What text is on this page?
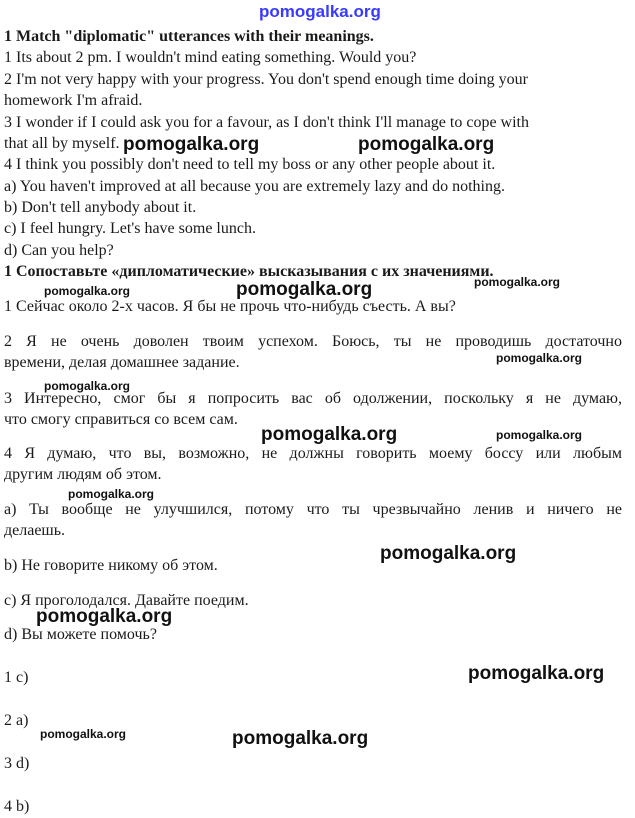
pomogalka.org
1 Match "diplomatic" utterances with their meanings.
1 Its about 2 pm. I wouldn't mind eating something. Would you?
2 I'm not very happy with your progress. You don't spend enough time doing your
homework I'm afraid.
3 I wonder if I could ask you for a favour, as I don't think I'll manage to cope with
that all by myself.
4 I think you possibly don't need to tell my boss or any other people about it.
a) You haven't improved at all because you are extremely lazy and do nothing.
b) Don't tell anybody about it.
c) I feel hungry. Let's have some lunch.
d) Can you help?
pomogalka.org	pomogalka.org
1 Сопоставьте «дипломатические» высказывания с их значениями.
pomogalka.org
pomogalka.org	pomogalka.org
1 Сейчас около 2-х часов. Я бы не прочь что-нибудь съесть. А вы?
2 Я не очень доволен твоим успехом. Боюсь, ты не проводишь достаточно
времени, делая домашнее задание.	pomogalka.org
pomogalka.org
3 Интересно, смог бы я попросить вас об одолжении, поскольку я не думаю,
что смогу справиться со всем сам.
pomogalka.org	pomogalka.org
4 Я думаю, что вы, возможно, не должны говорить моему боссу или любым
другим людям об этом.
pomogalka.org
a) Ты вообще не улучшился, потому что ты чрезвычайно ленив и ничего не
делаешь.
pomogalka.org
b) Не говорите никому об этом.
c) Я проголодался. Давайте поедим.
pomogalka.org
d) Вы можете помочь?
1 c)	pomogalka.org
2 a)
pomogalka.org	pomogalka.org
3 d)
4 b)
